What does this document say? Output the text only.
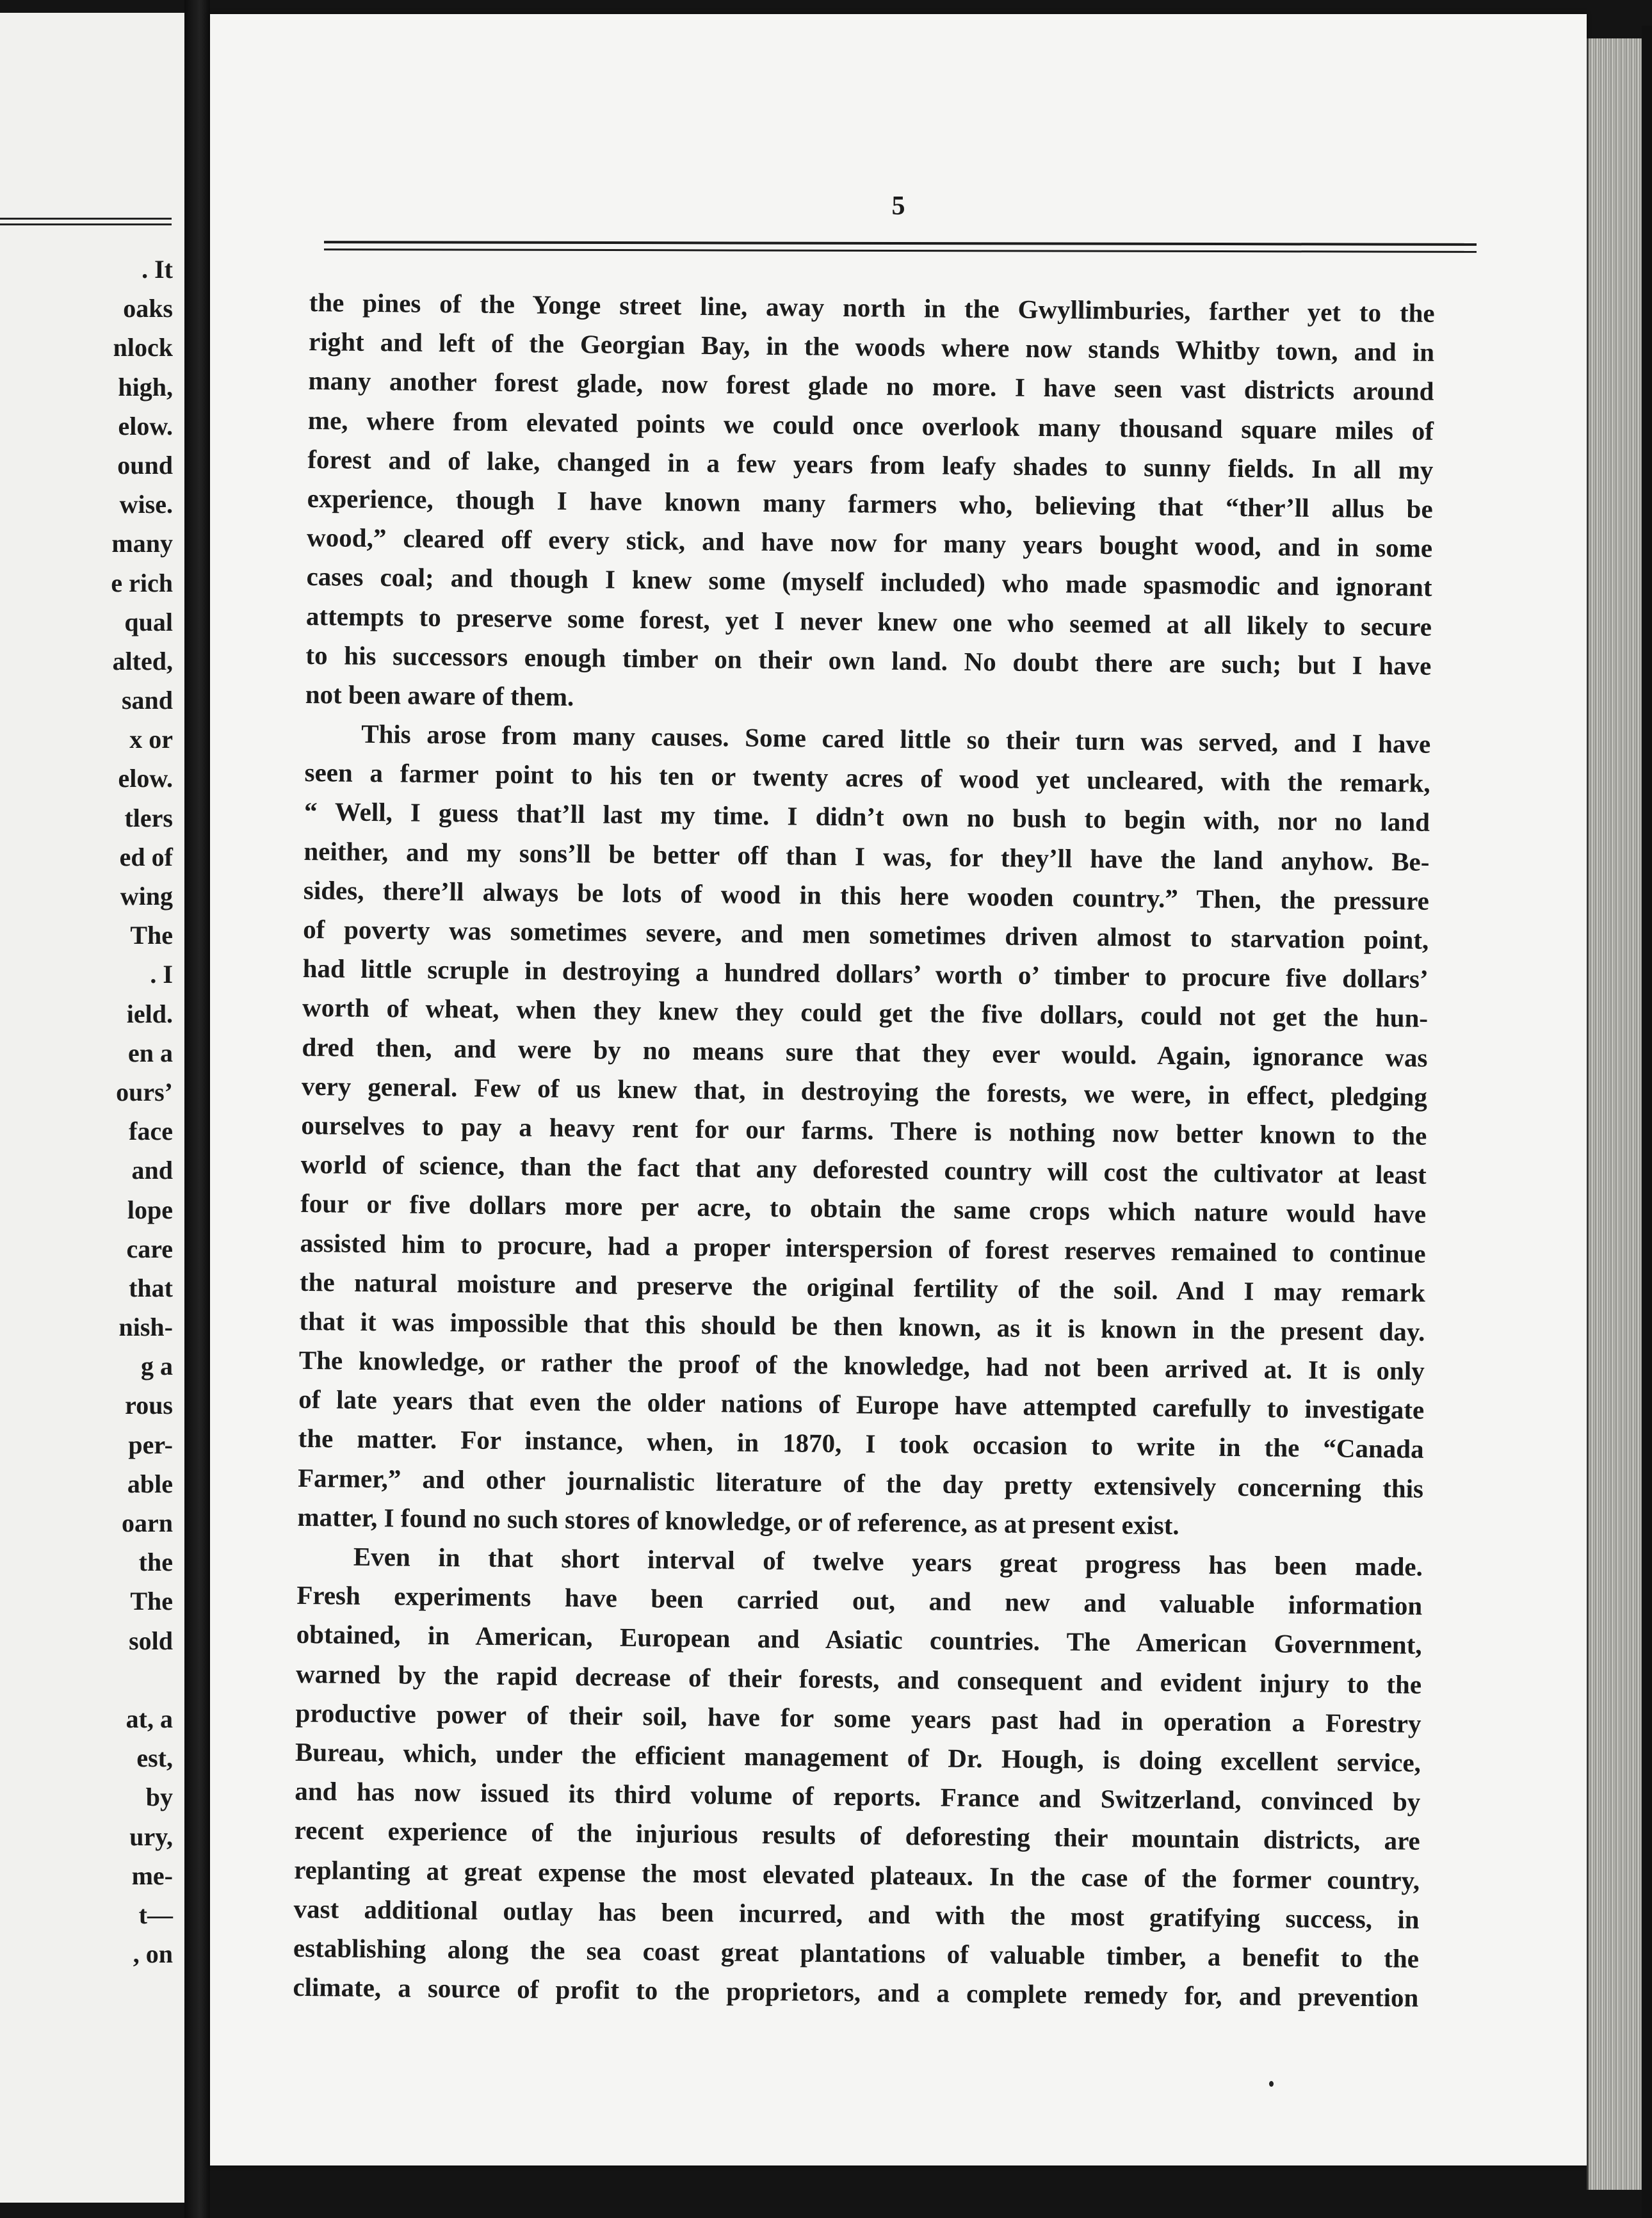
. It
oaks
nlock
high,
elow.
ound
wise.
many
e rich
qual
alted,
sand
x or
elow.
tlers
ed of
wing
The
. I
ield.
en a
ours’
face
and
lope
care
that
nish-
g a
rous
per-
able
oarn
the
The
sold
at, a
est,
by
ury,
me-
t—
, on
5
the pines of the Yonge street line, away north in the Gwyllimburies, farther yet to the
right and left of the Georgian Bay, in the woods where now stands Whitby town, and in
many another forest glade, now forest glade no more. I have seen vast districts around
me, where from elevated points we could once overlook many thousand square miles of
forest and of lake, changed in a few years from leafy shades to sunny fields. In all my
experience, though I have known many farmers who, believing that “ther’ll allus be
wood,” cleared off every stick, and have now for many years bought wood, and in some
cases coal; and though I knew some (myself included) who made spasmodic and ignorant
attempts to preserve some forest, yet I never knew one who seemed at all likely to secure
to his successors enough timber on their own land. No doubt there are such; but I have
not been aware of them.
This arose from many causes. Some cared little so their turn was served, and I have
seen a farmer point to his ten or twenty acres of wood yet uncleared, with the remark,
“ Well, I guess that’ll last my time. I didn’t own no bush to begin with, nor no land
neither, and my sons’ll be better off than I was, for they’ll have the land anyhow. Be-
sides, there’ll always be lots of wood in this here wooden country.” Then, the pressure
of poverty was sometimes severe, and men sometimes driven almost to starvation point,
had little scruple in destroying a hundred dollars’ worth o’ timber to procure five dollars’
worth of wheat, when they knew they could get the five dollars, could not get the hun-
dred then, and were by no means sure that they ever would. Again, ignorance was
very general. Few of us knew that, in destroying the forests, we were, in effect, pledging
ourselves to pay a heavy rent for our farms. There is nothing now better known to the
world of science, than the fact that any deforested country will cost the cultivator at least
four or five dollars more per acre, to obtain the same crops which nature would have
assisted him to procure, had a proper interspersion of forest reserves remained to continue
the natural moisture and preserve the original fertility of the soil. And I may remark
that it was impossible that this should be then known, as it is known in the present day.
The knowledge, or rather the proof of the knowledge, had not been arrived at. It is only
of late years that even the older nations of Europe have attempted carefully to investigate
the matter. For instance, when, in 1870, I took occasion to write in the “Canada
Farmer,” and other journalistic literature of the day pretty extensively concerning this
matter, I found no such stores of knowledge, or of reference, as at present exist.
Even in that short interval of twelve years great progress has been made.
Fresh experiments have been carried out, and new and valuable information
obtained, in American, European and Asiatic countries. The American Government,
warned by the rapid decrease of their forests, and consequent and evident injury to the
productive power of their soil, have for some years past had in operation a Forestry
Bureau, which, under the efficient management of Dr. Hough, is doing excellent service,
and has now issued its third volume of reports. France and Switzerland, convinced by
recent experience of the injurious results of deforesting their mountain districts, are
replanting at great expense the most elevated plateaux. In the case of the former country,
vast additional outlay has been incurred, and with the most gratifying success, in
establishing along the sea coast great plantations of valuable timber, a benefit to the
climate, a source of profit to the proprietors, and a complete remedy for, and prevention
